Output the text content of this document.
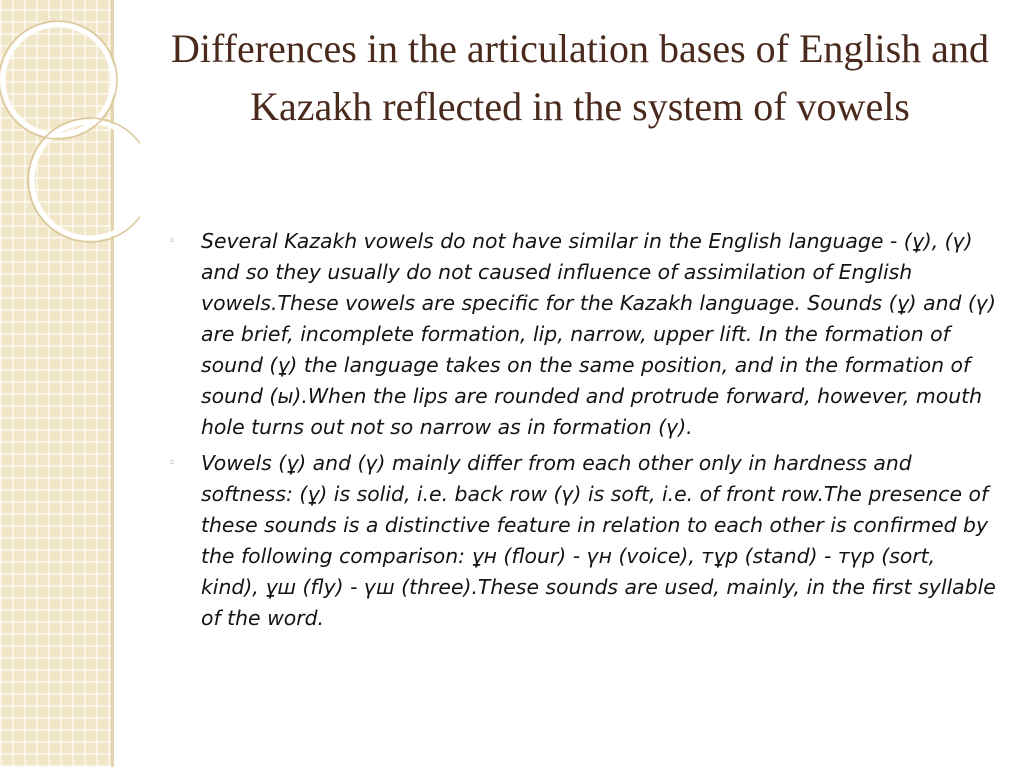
Differences in the articulation bases of English and Kazakh reflected in the system of vowels

◦ Several Kazakh vowels do not have similar in the English language - (ұ), (ү) and so they usually do not caused influence of assimilation of English vowels.These vowels are specific for the Kazakh language. Sounds (ұ) and (ү) are brief, incomplete formation, lip, narrow, upper lift. In the formation of sound (ұ) the language takes on the same position, and in the formation of sound (ы).When the lips are rounded and protrude forward, however, mouth hole turns out not so narrow as in formation (ү).

◦ Vowels (ұ) and (ү) mainly differ from each other only in hardness and softness: (ұ) is solid, i.e. back row (ү) is soft, i.e. of front row.The presence of these sounds is a distinctive feature in relation to each other is confirmed by the following comparison: ұн (flour) - үн (voice), тұр (stand) - түр (sort, kind), ұш (fly) - үш (three).These sounds are used, mainly, in the first syllable of the word.
